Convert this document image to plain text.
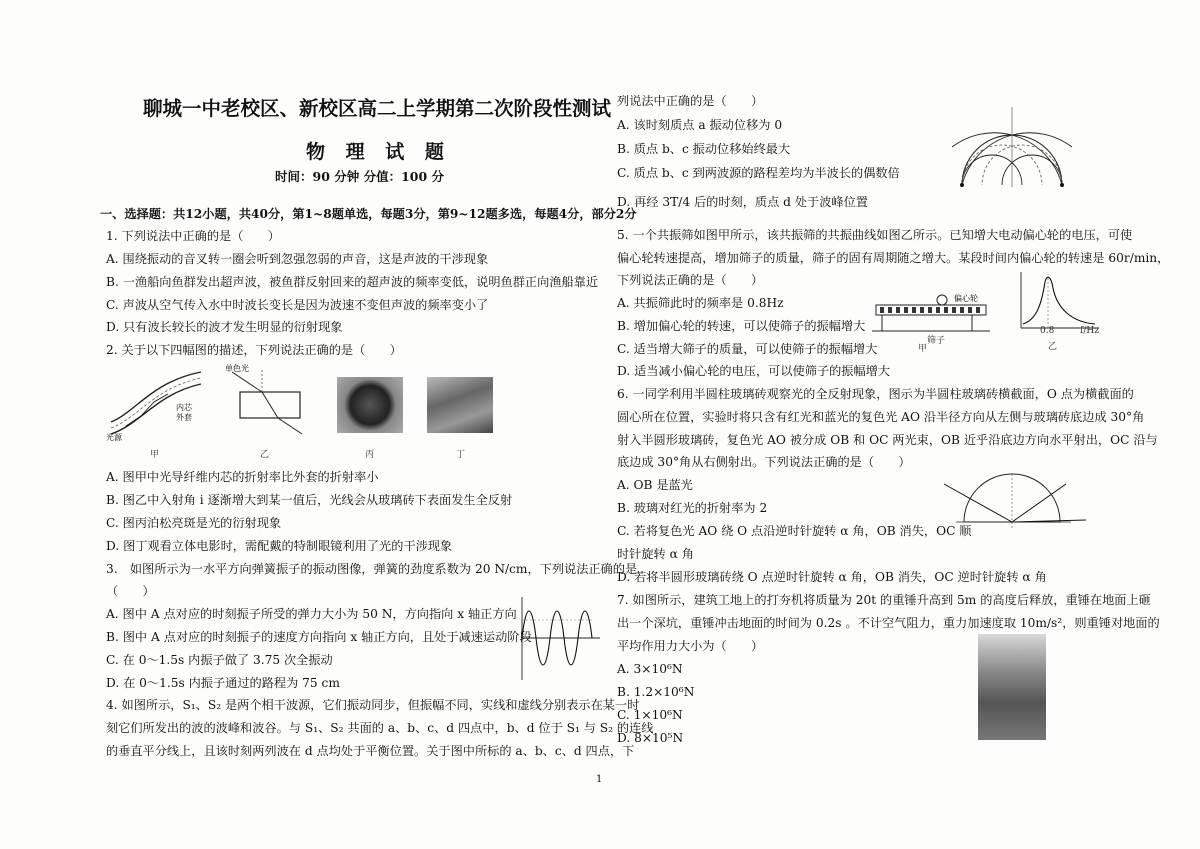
聊城一中老校区、新校区高二上学期第二次阶段性测试
物 理 试 题
时间：90 分钟 分值：100 分
一、选择题：共12小题，共40分，第1~8题单选，每题3分，第9~12题多选，每题4分，部分2分
1. 下列说法中正确的是（　　）
A. 围绕振动的音叉转一圈会听到忽强忽弱的声音，这是声波的干涉现象
B. 一渔船向鱼群发出超声波，被鱼群反射回来的超声波的频率变低，说明鱼群正向渔船靠近
C. 声波从空气传入水中时波长变长是因为波速不变但声波的频率变小了
D. 只有波长较长的波才发生明显的衍射现象
2. 关于以下四幅图的描述，下列说法正确的是（　　）
光源
内芯
外套
甲
单色光
乙	丙	丁
A. 图甲中光导纤维内芯的折射率比外套的折射率小
B. 图乙中入射角 i 逐渐增大到某一值后，光线会从玻璃砖下表面发生全反射
C. 图丙泊松亮斑是光的衍射现象
D. 图丁观看立体电影时，需配戴的特制眼镜利用了光的干涉现象
3.　如图所示为一水平方向弹簧振子的振动图像，弹簧的劲度系数为 20 N/cm，下列说法正确的是
（　　）
A. 图中 A 点对应的时刻振子所受的弹力大小为 50 N，方向指向 x 轴正方向
B. 图中 A 点对应的时刻振子的速度方向指向 x 轴正方向，且处于减速运动阶段
C. 在 0～1.5s 内振子做了 3.75 次全振动
D. 在 0～1.5s 内振子通过的路程为 75 cm
4. 如图所示，S₁、S₂ 是两个相干波源，它们振动同步，但振幅不同，实线和虚线分别表示在某一时
刻它们所发出的波的波峰和波谷。与 S₁、S₂ 共面的 a、b、c、d 四点中，b、d 位于 S₁ 与 S₂ 的连线
的垂直平分线上，且该时刻两列波在 d 点均处于平衡位置。关于图中所标的 a、b、c、d 四点，下
列说法中正确的是（　　）
A. 该时刻质点 a 振动位移为 0
B. 质点 b、c 振动位移始终最大
C. 质点 b、c 到两波源的路程差均为半波长的偶数倍
D. 再经 3T/4 后的时刻，质点 d 处于波峰位置
5. 一个共振筛如图甲所示，该共振筛的共振曲线如图乙所示。已知增大电动偏心轮的电压，可使
偏心轮转速提高，增加筛子的质量，筛子的固有周期随之增大。某段时间内偏心轮的转速是 60r/min，
下列说法正确的是（　　）
A. 共振筛此时的频率是 0.8Hz
B. 增加偏心轮的转速，可以使筛子的振幅增大
C. 适当增大筛子的质量，可以使筛子的振幅增大
D. 适当减小偏心轮的电压，可以使筛子的振幅增大
偏心轮
筛子
甲
0.8	f/Hz
乙
6. 一同学利用半圆柱玻璃砖观察光的全反射现象，图示为半圆柱玻璃砖横截面，O 点为横截面的
圆心所在位置，实验时将只含有红光和蓝光的复色光 AO 沿半径方向从左侧与玻璃砖底边成 30°角
射入半圆形玻璃砖，复色光 AO 被分成 OB 和 OC 两光束，OB 近乎沿底边方向水平射出，OC 沿与
底边成 30°角从右侧射出。下列说法正确的是（　　）
A. OB 是蓝光
B. 玻璃对红光的折射率为 2
C. 若将复色光 AO 绕 O 点沿逆时针旋转 α 角，OB 消失，OC 顺
时针旋转 α 角
D. 若将半圆形玻璃砖绕 O 点逆时针旋转 α 角，OB 消失，OC 逆时针旋转 α 角
7. 如图所示，建筑工地上的打夯机将质量为 20t 的重锤升高到 5m 的高度后释放，重锤在地面上砸
出一个深坑，重锤冲击地面的时间为 0.2s 。不计空气阻力，重力加速度取 10m/s²，则重锤对地面的
平均作用力大小为（　　）
A. 3×10⁶N
B. 1.2×10⁶N
C. 1×10⁶N
D. 8×10⁵N
1
